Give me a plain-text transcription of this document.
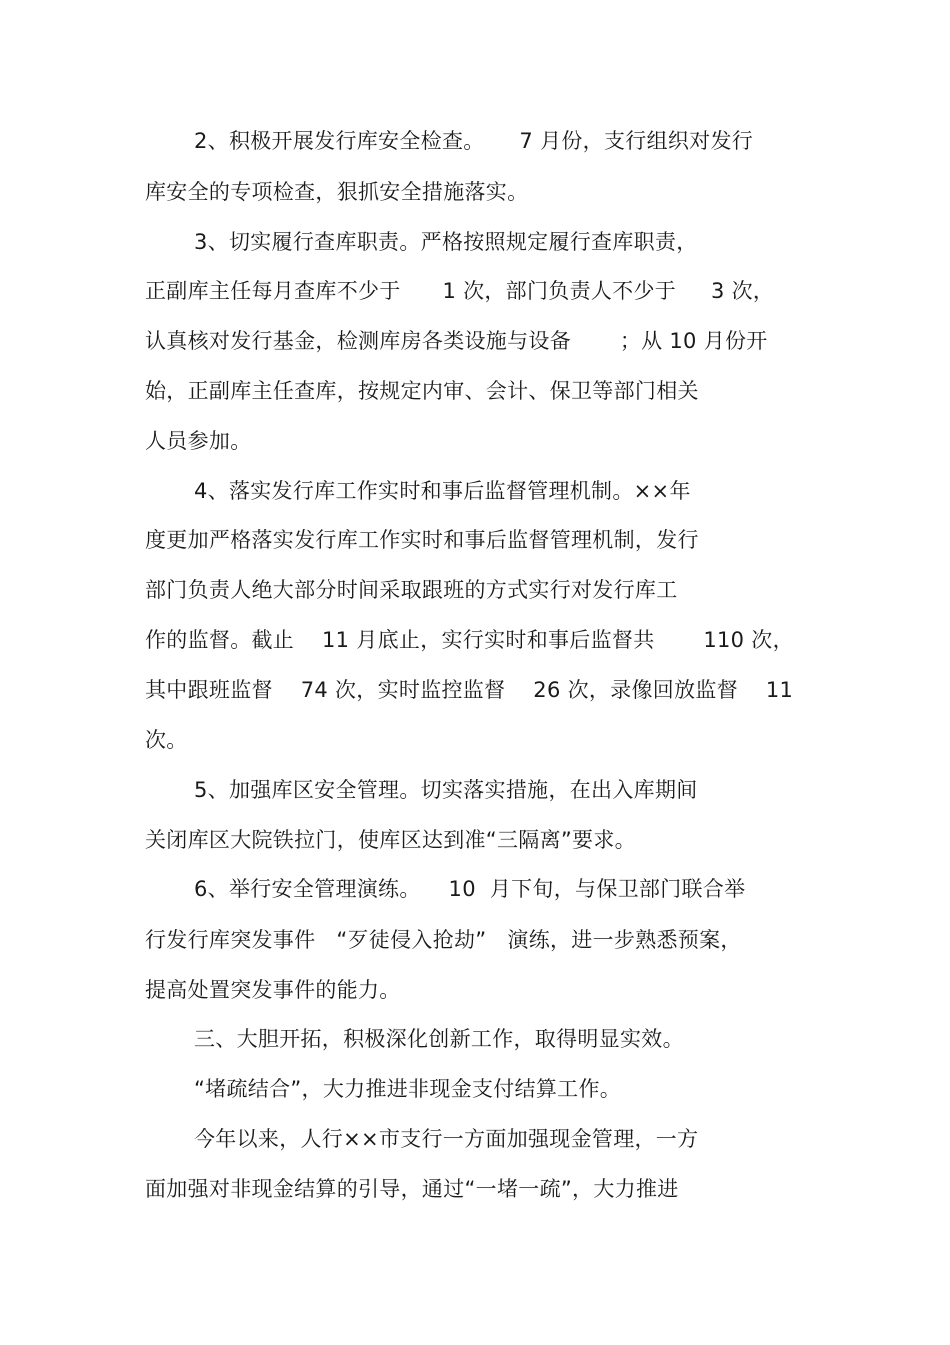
2、积极开展发行库安全检查。     7 月份，支行组织对发行
库安全的专项检查，狠抓安全措施落实。
3、切实履行查库职责。严格按照规定履行查库职责，
正副库主任每月查库不少于      1 次，部门负责人不少于     3 次，
认真核对发行基金，检测库房各类设施与设备       ；从 10 月份开
始，正副库主任查库，按规定内审、会计、保卫等部门相关
人员参加。
4、落实发行库工作实时和事后监督管理机制。××年
度更加严格落实发行库工作实时和事后监督管理机制，发行
部门负责人绝大部分时间采取跟班的方式实行对发行库工
作的监督。截止    11 月底止，实行实时和事后监督共       110 次，
其中跟班监督    74 次，实时监控监督    26 次，录像回放监督    11
次。
5、加强库区安全管理。切实落实措施，在出入库期间
关闭库区大院铁拉门，使库区达到准“三隔离”要求。
6、举行安全管理演练。    10  月下旬，与保卫部门联合举
行发行库突发事件   “歹徒侵入抢劫”   演练，进一步熟悉预案，
提高处置突发事件的能力。
三、大胆开拓，积极深化创新工作，取得明显实效。
“堵疏结合”，大力推进非现金支付结算工作。
今年以来，人行××市支行一方面加强现金管理，一方
面加强对非现金结算的引导，通过“一堵一疏”，大力推进
